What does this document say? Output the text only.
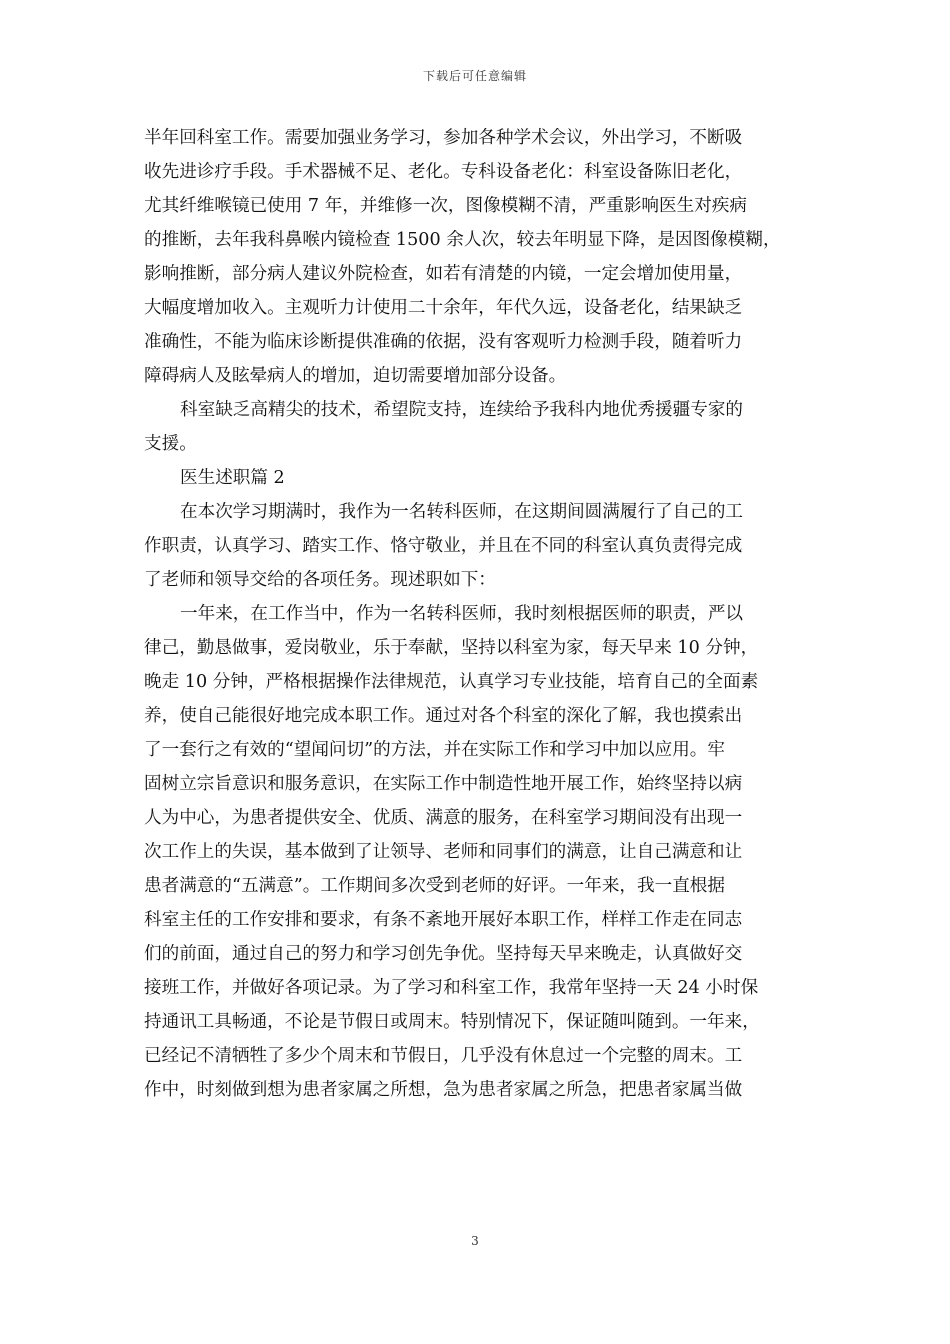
下载后可任意编辑
半年回科室工作。需要加强业务学习，参加各种学术会议，外出学习，不断吸
收先进诊疗手段。手术器械不足、老化。专科设备老化：科室设备陈旧老化，
尤其纤维喉镜已使用 7 年，并维修一次，图像模糊不清，严重影响医生对疾病
的推断，去年我科鼻喉内镜检查 1500 余人次，较去年明显下降，是因图像模糊，
影响推断，部分病人建议外院检查，如若有清楚的内镜，一定会增加使用量，
大幅度增加收入。主观听力计使用二十余年，年代久远，设备老化，结果缺乏
准确性，不能为临床诊断提供准确的依据，没有客观听力检测手段，随着听力
障碍病人及眩晕病人的增加，迫切需要增加部分设备。
科室缺乏高精尖的技术，希望院支持，连续给予我科内地优秀援疆专家的
支援。
医生述职篇 2
在本次学习期满时，我作为一名转科医师，在这期间圆满履行了自己的工
作职责，认真学习、踏实工作、恪守敬业，并且在不同的科室认真负责得完成
了老师和领导交给的各项任务。现述职如下：
一年来，在工作当中，作为一名转科医师，我时刻根据医师的职责，严以
律己，勤恳做事，爱岗敬业，乐于奉献，坚持以科室为家，每天早来 10 分钟，
晚走 10 分钟，严格根据操作法律规范，认真学习专业技能，培育自己的全面素
养，使自己能很好地完成本职工作。通过对各个科室的深化了解，我也摸索出
了一套行之有效的“望闻问切”的方法，并在实际工作和学习中加以应用。牢
固树立宗旨意识和服务意识，在实际工作中制造性地开展工作，始终坚持以病
人为中心，为患者提供安全、优质、满意的服务，在科室学习期间没有出现一
次工作上的失误，基本做到了让领导、老师和同事们的满意，让自己满意和让
患者满意的“五满意”。工作期间多次受到老师的好评。一年来，我一直根据
科室主任的工作安排和要求，有条不紊地开展好本职工作，样样工作走在同志
们的前面，通过自己的努力和学习创先争优。坚持每天早来晚走，认真做好交
接班工作，并做好各项记录。为了学习和科室工作，我常年坚持一天 24 小时保
持通讯工具畅通，不论是节假日或周末。特别情况下，保证随叫随到。一年来，
已经记不清牺牲了多少个周末和节假日，几乎没有休息过一个完整的周末。工
作中，时刻做到想为患者家属之所想，急为患者家属之所急，把患者家属当做
3
